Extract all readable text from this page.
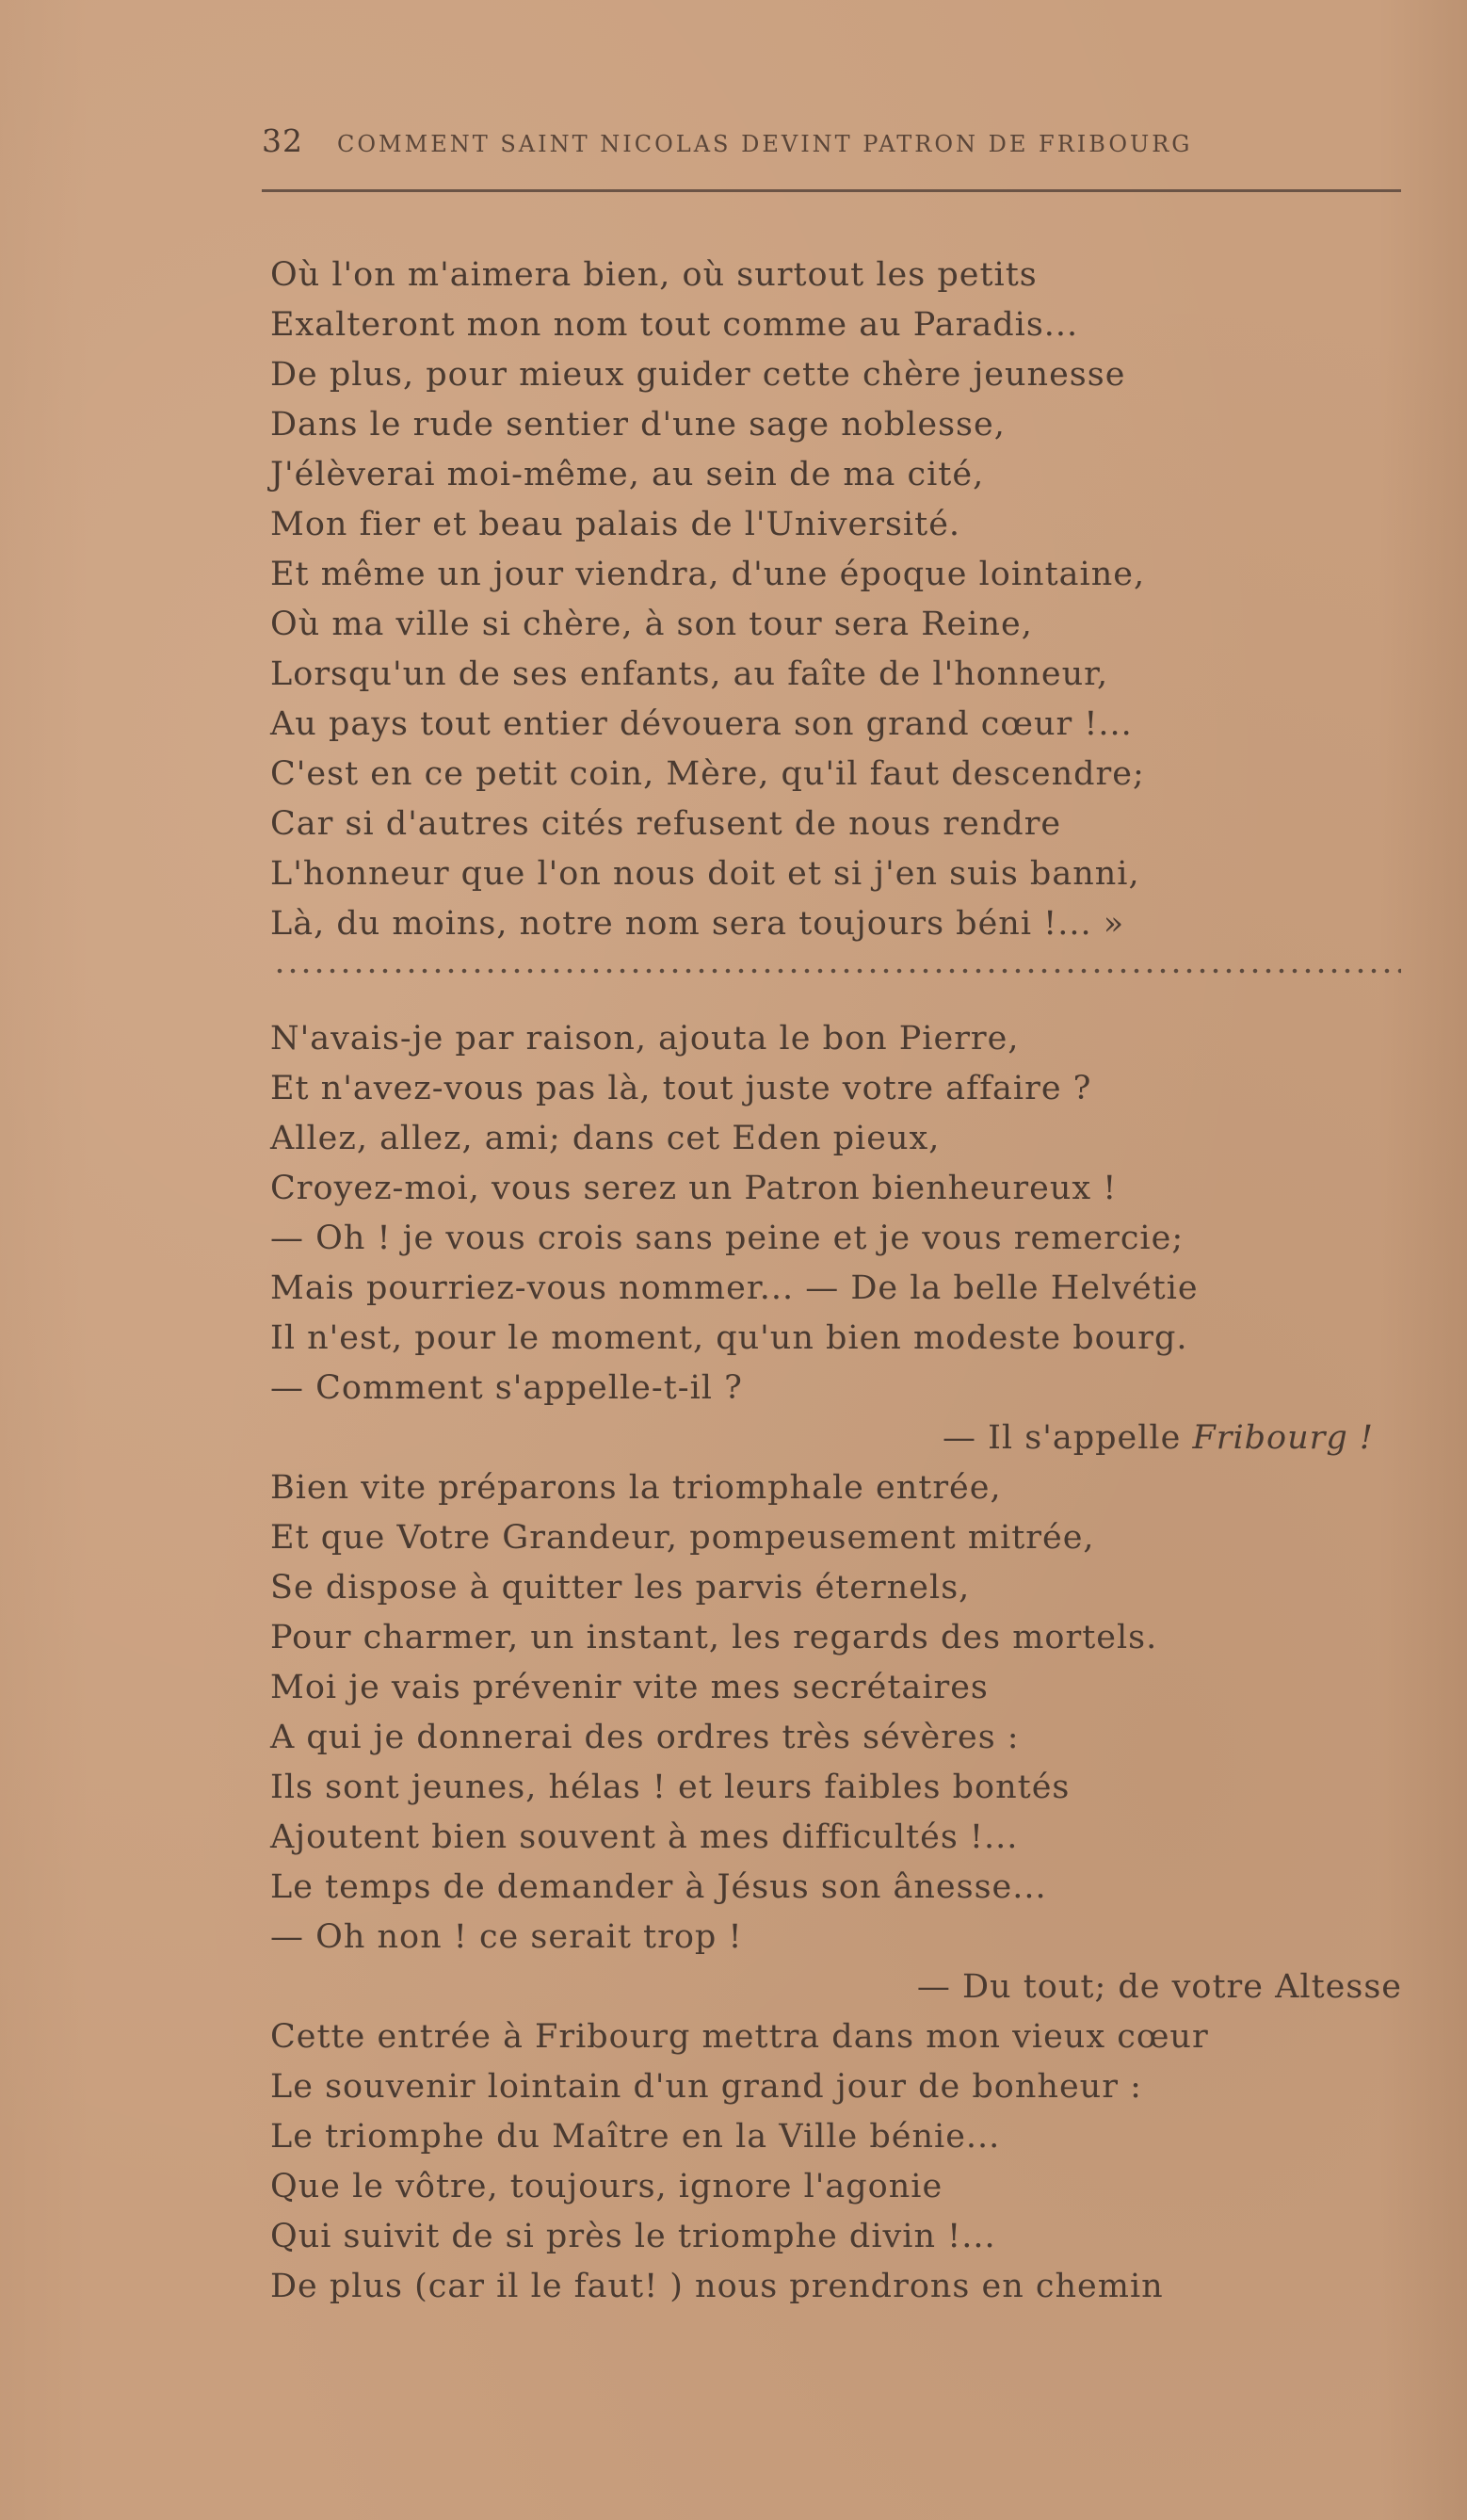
32 COMMENT SAINT NICOLAS DEVINT PATRON DE FRIBOURG
Où l'on m'aimera bien, où surtout les petits
Exalteront mon nom tout comme au Paradis...
De plus, pour mieux guider cette chère jeunesse
Dans le rude sentier d'une sage noblesse,
J'élèverai moi-même, au sein de ma cité,
Mon fier et beau palais de l'Université.
Et même un jour viendra, d'une époque lointaine,
Où ma ville si chère, à son tour sera Reine,
Lorsqu'un de ses enfants, au faîte de l'honneur,
Au pays tout entier dévouera son grand cœur !...
C'est en ce petit coin, Mère, qu'il faut descendre;
Car si d'autres cités refusent de nous rendre
L'honneur que l'on nous doit et si j'en suis banni,
Là, du moins, notre nom sera toujours béni !... »
N'avais-je par raison, ajouta le bon Pierre,
Et n'avez-vous pas là, tout juste votre affaire ?
Allez, allez, ami; dans cet Eden pieux,
Croyez-moi, vous serez un Patron bienheureux !
— Oh ! je vous crois sans peine et je vous remercie;
Mais pourriez-vous nommer... — De la belle Helvétie
Il n'est, pour le moment, qu'un bien modeste bourg.
— Comment s'appelle-t-il ?
— Il s'appelle Fribourg !
Bien vite préparons la triomphale entrée,
Et que Votre Grandeur, pompeusement mitrée,
Se dispose à quitter les parvis éternels,
Pour charmer, un instant, les regards des mortels.
Moi je vais prévenir vite mes secrétaires
A qui je donnerai des ordres très sévères :
Ils sont jeunes, hélas ! et leurs faibles bontés
Ajoutent bien souvent à mes difficultés !...
Le temps de demander à Jésus son ânesse...
— Oh non ! ce serait trop !
— Du tout; de votre Altesse
Cette entrée à Fribourg mettra dans mon vieux cœur
Le souvenir lointain d'un grand jour de bonheur :
Le triomphe du Maître en la Ville bénie...
Que le vôtre, toujours, ignore l'agonie
Qui suivit de si près le triomphe divin !...
De plus (car il le faut! ) nous prendrons en chemin
